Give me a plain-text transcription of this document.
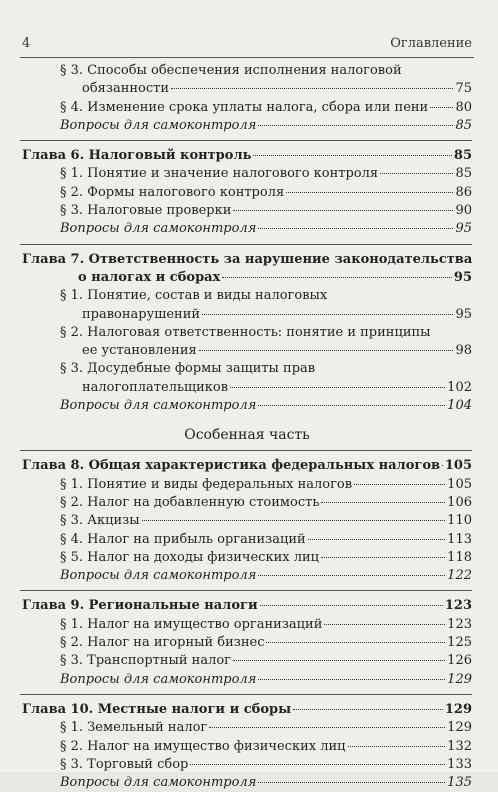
4	Оглавление
§ 3. Способы обеспечения исполнения налоговой
обязанности	75
§ 4. Изменение срока уплаты налога, сбора или пени 80
Вопросы для самоконтроля	85
Глава 6. Налоговый контроль	85
§ 1. Понятие и значение налогового контроля	85
§ 2. Формы налогового контроля	86
§ 3. Налоговые проверки	90
Вопросы для самоконтроля	95
Глава 7. Ответственность за нарушение законодательства
о налогах и сборах	95
§ 1. Понятие, состав и виды налоговых
правонарушений	95
§ 2. Налоговая ответственность: понятие и принципы
ее установления	98
§ 3. Досудебные формы защиты прав
налогоплательщиков	102
Вопросы для самоконтроля	104
Особенная часть
Глава 8. Общая характеристика федеральных налогов 105
§ 1. Понятие и виды федеральных налогов	105
§ 2. Налог на добавленную стоимость	106
§ 3. Акцизы	110
§ 4. Налог на прибыль организаций	113
§ 5. Налог на доходы физических лиц	118
Вопросы для самоконтроля	122
Глава 9. Региональные налоги	123
§ 1. Налог на имущество организаций	123
§ 2. Налог на игорный бизнес	125
§ 3. Транспортный налог	126
Вопросы для самоконтроля	129
Глава 10. Местные налоги и сборы	129
§ 1. Земельный налог	129
§ 2. Налог на имущество физических лиц	132
§ 3. Торговый сбор	133
Вопросы для самоконтроля	135
